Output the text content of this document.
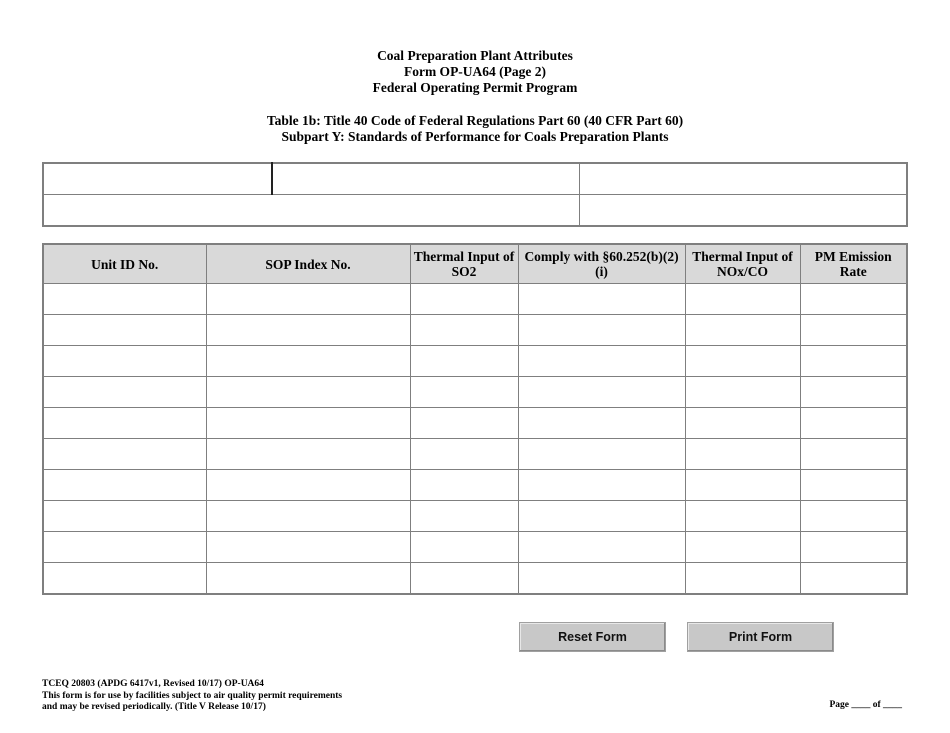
Coal Preparation Plant Attributes
Form OP-UA64 (Page 2)
Federal Operating Permit Program
Table 1b: Title 40 Code of Federal Regulations Part 60 (40 CFR Part 60)
Subpart Y: Standards of Performance for Coals Preparation Plants

Unit ID No.	SOP Index No.	Thermal Input of SO2	Comply with §60.252(b)(2)(i)	Thermal Input of NOx/CO	PM Emission Rate

Reset Form	Print Form
TCEQ 20803 (APDG 6417v1, Revised 10/17) OP-UA64
This form is for use by facilities subject to air quality permit requirements
and may be revised periodically. (Title V Release 10/17)	Page ____ of ____
